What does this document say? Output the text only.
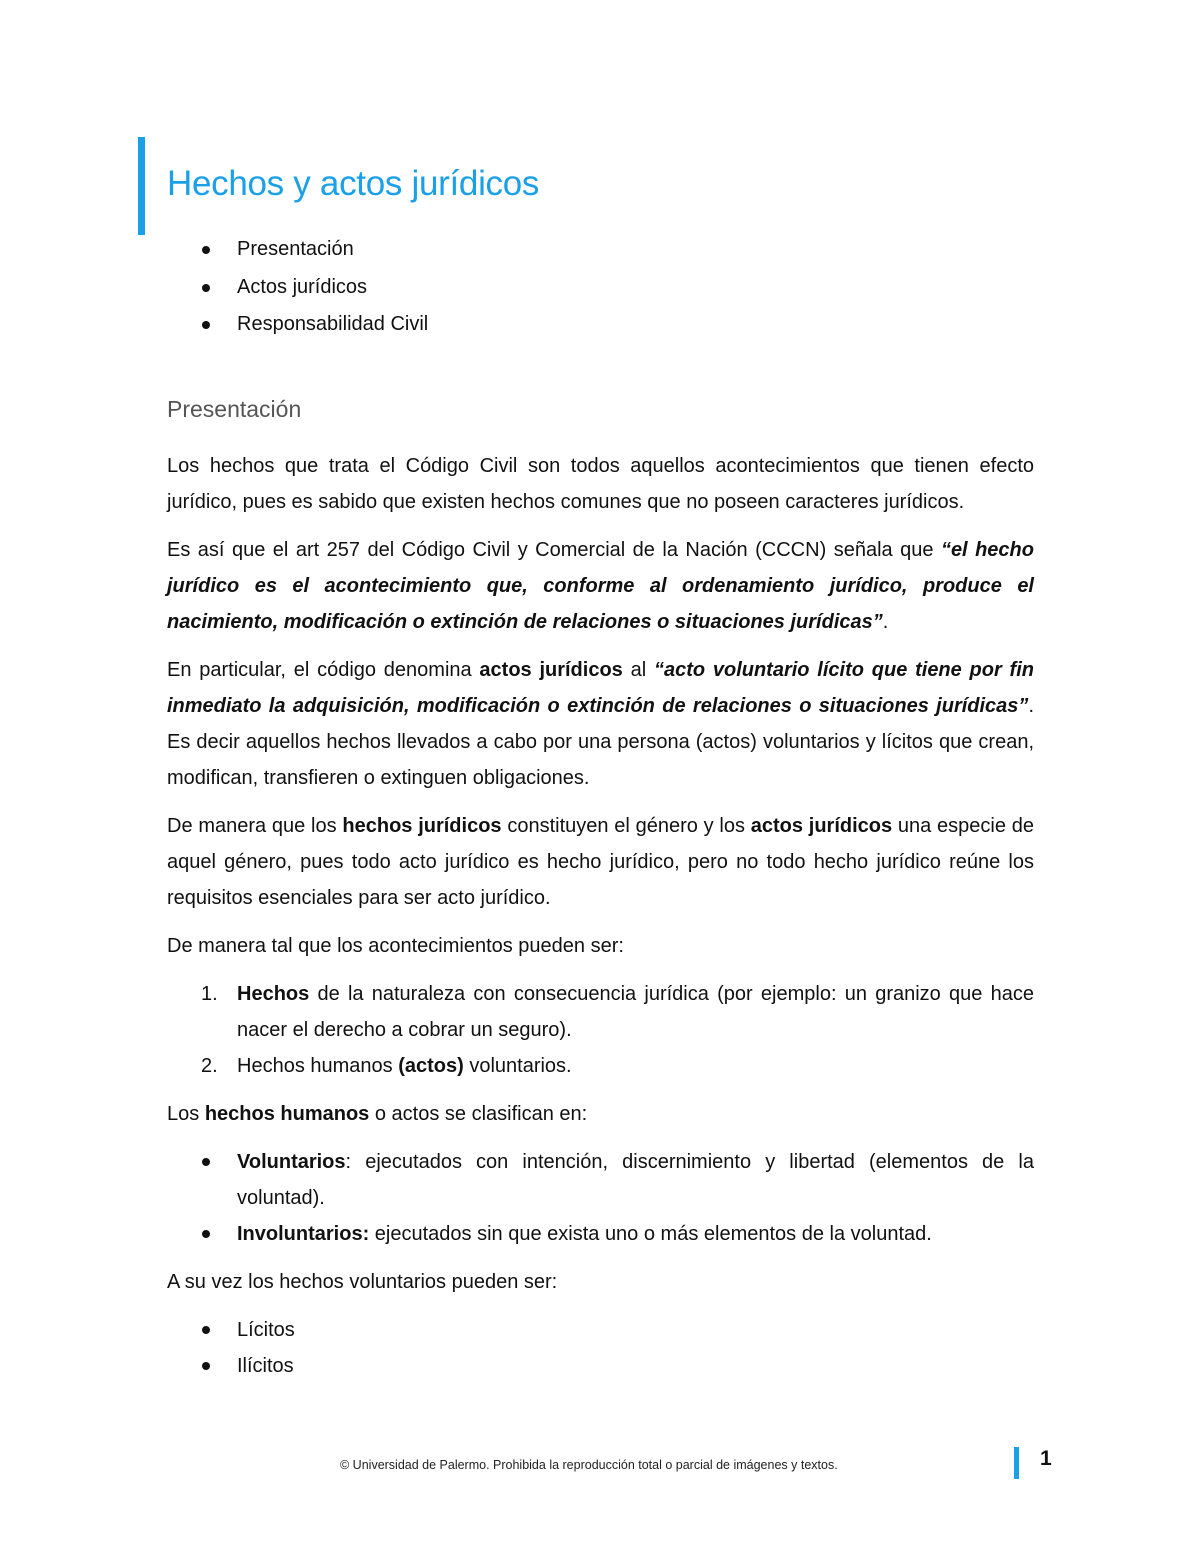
Hechos y actos jurídicos
Presentación
Actos jurídicos
Responsabilidad Civil
Presentación

Los hechos que trata el Código Civil son todos aquellos acontecimientos que tienen efecto jurídico, pues es sabido que existen hechos comunes que no poseen caracteres jurídicos.

Es así que el art 257 del Código Civil y Comercial de la Nación (CCCN) señala que “el hecho jurídico es el acontecimiento que, conforme al ordenamiento jurídico, produce el nacimiento, modificación o extinción de relaciones o situaciones jurídicas”.

En particular, el código denomina actos jurídicos al “acto voluntario lícito que tiene por fin inmediato la adquisición, modificación o extinción de relaciones o situaciones jurídicas”. Es decir aquellos hechos llevados a cabo por una persona (actos) voluntarios y lícitos que crean, modifican, transfieren o extinguen obligaciones.

De manera que los hechos jurídicos constituyen el género y los actos jurídicos una especie de aquel género, pues todo acto jurídico es hecho jurídico, pero no todo hecho jurídico reúne los requisitos esenciales para ser acto jurídico.

De manera tal que los acontecimientos pueden ser:

1. Hechos de la naturaleza con consecuencia jurídica (por ejemplo: un granizo que hace nacer el derecho a cobrar un seguro).
2. Hechos humanos (actos) voluntarios.

Los hechos humanos o actos se clasifican en:

Voluntarios: ejecutados con intención, discernimiento y libertad (elementos de la voluntad).
Involuntarios: ejecutados sin que exista uno o más elementos de la voluntad.

A su vez los hechos voluntarios pueden ser:

Lícitos
Ilícitos
© Universidad de Palermo. Prohibida la reproducción total o parcial de imágenes y textos.	1
